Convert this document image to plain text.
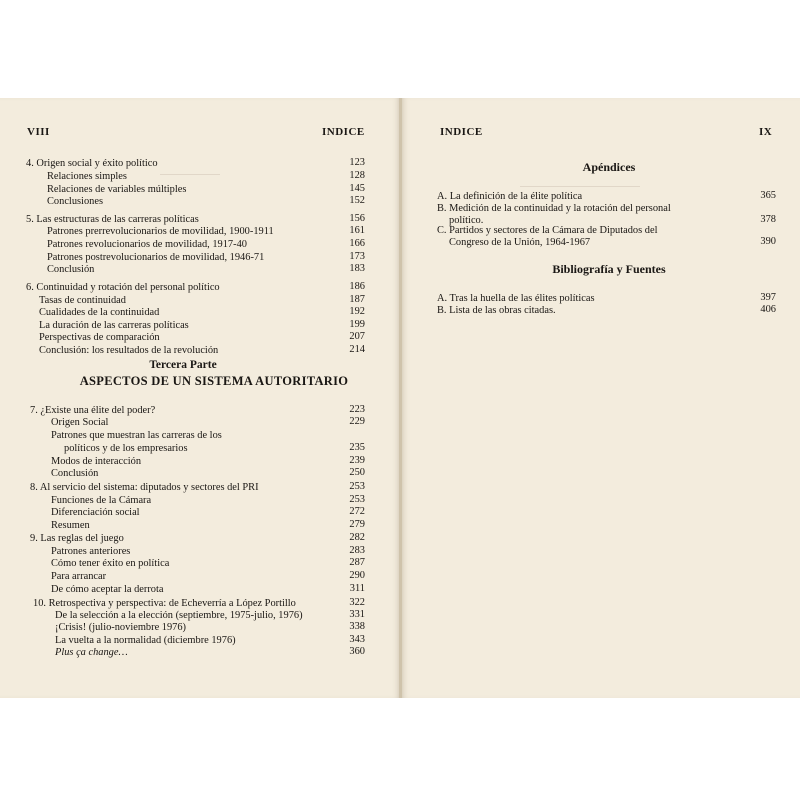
VIII	INDICE
4. Origen social y éxito político	123
Relaciones simples	128
Relaciones de variables múltiples	145
Conclusiones	152
5. Las estructuras de las carreras políticas	156
Patrones prerrevolucionarios de movilidad, 1900-1911	161
Patrones revolucionarios de movilidad, 1917-40	166
Patrones postrevolucionarios de movilidad, 1946-71	173
Conclusión	183
6. Continuidad y rotación del personal político	186
Tasas de continuidad	187
Cualidades de la continuidad	192
La duración de las carreras políticas	199
Perspectivas de comparación	207
Conclusión: los resultados de la revolución	214
7. ¿Existe una élite del poder?	223
Origen Social	229
Patrones que muestran las carreras de los
políticos y de los empresarios	235
Modos de interacción	239
Conclusión	250
8. Al servicio del sistema: diputados y sectores del PRI	253
Funciones de la Cámara	253
Diferenciación social	272
Resumen	279
9. Las reglas del juego	282
Patrones anteriores	283
Cómo tener éxito en política	287
Para arrancar	290
De cómo aceptar la derrota	311
10. Retrospectiva y perspectiva: de Echeverría a López Portillo	322
De la selección a la elección (septiembre, 1975-julio, 1976)	331
¡Crisis! (julio-noviembre 1976)	338
La vuelta a la normalidad (diciembre 1976)	343
Plus ça change…	360
Tercera Parte
ASPECTOS DE UN SISTEMA AUTORITARIO
INDICE	IX
Apéndices
Bibliografía y Fuentes
A. La definición de la élite política	365
B. Medición de la continuidad y la rotación del personal
político.	378
C. Partidos y sectores de la Cámara de Diputados del
Congreso de la Unión, 1964-1967	390
A. Tras la huella de las élites políticas	397
B. Lista de las obras citadas.	406
